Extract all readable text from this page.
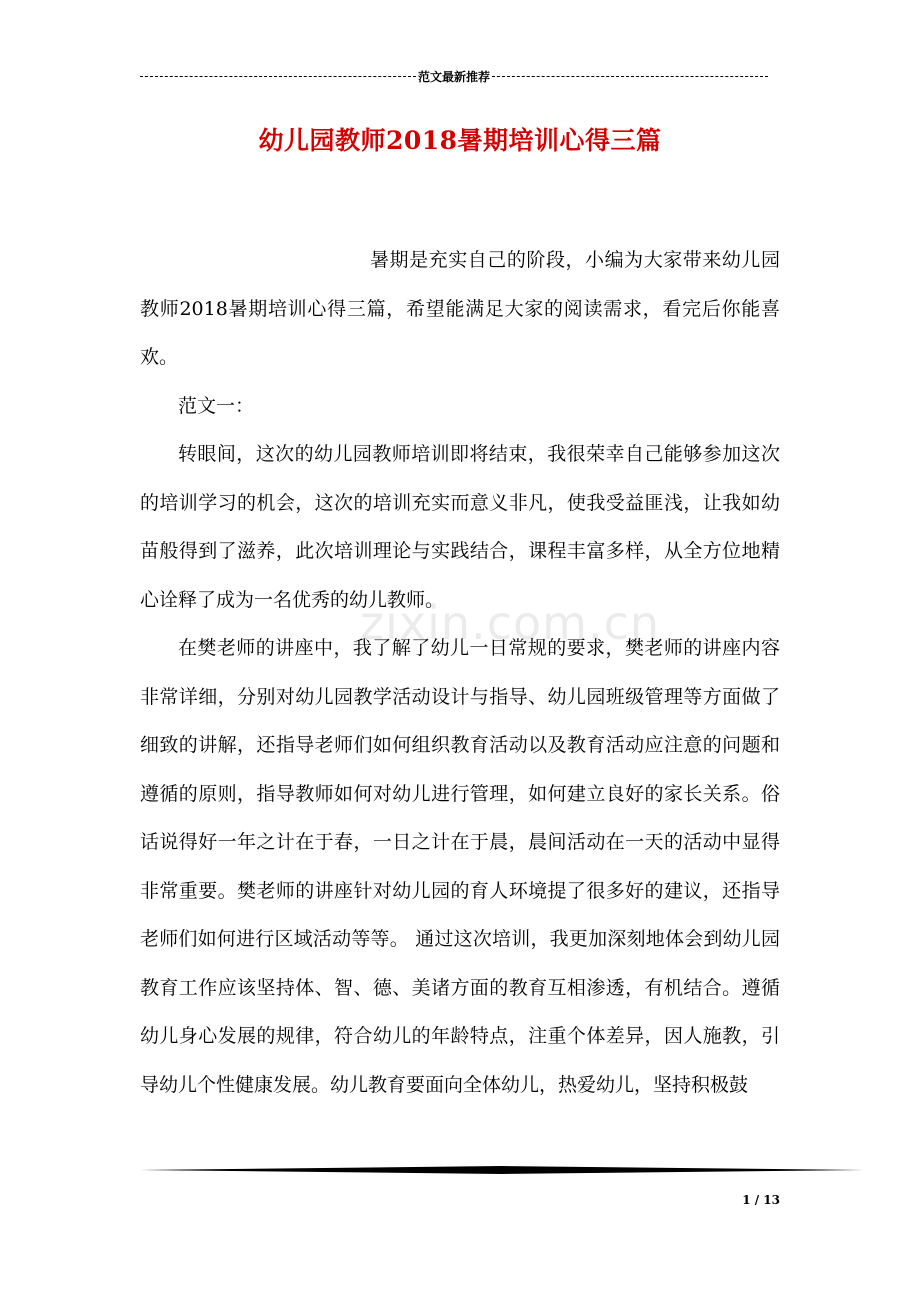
范文最新推荐
幼儿园教师2018暑期培训心得三篇
zixin.com.cn

暑期是充实自己的阶段，小编为大家带来幼儿园教师2018暑期培训心得三篇，希望能满足大家的阅读需求，看完后你能喜欢。

范文一：

转眼间，这次的幼儿园教师培训即将结束，我很荣幸自己能够参加这次的培训学习的机会，这次的培训充实而意义非凡，使我受益匪浅，让我如幼苗般得到了滋养，此次培训理论与实践结合，课程丰富多样，从全方位地精心诠释了成为一名优秀的幼儿教师。

在樊老师的讲座中，我了解了幼儿一日常规的要求，樊老师的讲座内容非常详细，分别对幼儿园教学活动设计与指导、幼儿园班级管理等方面做了细致的讲解，还指导老师们如何组织教育活动以及教育活动应注意的问题和遵循的原则，指导教师如何对幼儿进行管理，如何建立良好的家长关系。俗话说得好一年之计在于春，一日之计在于晨，晨间活动在一天的活动中显得非常重要。樊老师的讲座针对幼儿园的育人环境提了很多好的建议，还指导老师们如何进行区域活动等等。 通过这次培训，我更加深刻地体会到幼儿园教育工作应该坚持体、智、德、美诸方面的教育互相渗透，有机结合。遵循幼儿身心发展的规律，符合幼儿的年龄特点，注重个体差异，因人施教，引导幼儿个性健康发展。幼儿教育要面向全体幼儿，热爱幼儿，坚持积极鼓

1 / 13
